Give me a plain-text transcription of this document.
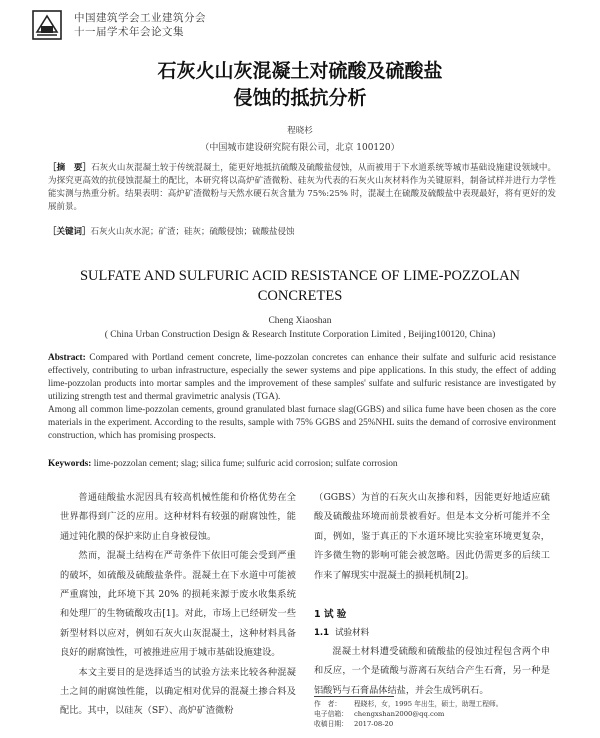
中国建筑学会工业建筑分会
十一届学术年会论文集
石灰火山灰混凝土对硫酸及硫酸盐
侵蚀的抵抗分析
程晓杉
（中国城市建设研究院有限公司，北京 100120）
［摘　要］石灰火山灰混凝土较于传统混凝土，能更好地抵抗硫酸及硫酸盐侵蚀，从而被用于下水道系统等城市基础设施建设领域中。为探究更高效的抗侵蚀混凝土的配比，本研究将以高炉矿渣微粉、硅灰为代表的石灰火山灰材料作为关键原料，制备试样并进行力学性能实测与热重分析。结果表明：高炉矿渣微粉与天然水硬石灰含量为 75%:25% 时，混凝土在硫酸及硫酸盐中表现最好，将有更好的发展前景。
［关键词］石灰火山灰水泥；矿渣；硅灰；硫酸侵蚀；硫酸盐侵蚀
SULFATE AND SULFURIC ACID RESISTANCE OF LIME-POZZOLAN
CONCRETES
Cheng Xiaoshan
( China Urban Construction Design & Research Institute Corporation Limited , Beijing100120, China)
Abstract: Compared with Portland cement concrete, lime-pozzolan concretes can enhance their sulfate and sulfuric acid resistance effectively, contributing to urban infrastructure, especially the sewer systems and pipe applications. In this study, the effect of adding lime-pozzolan products into mortar samples and the improvement of these samples' sulfate and sulfuric resistance are investigated by utilizing strength test and thermal gravimetric analysis (TGA).
Among all common lime-pozzolan cements, ground granulated blast furnace slag(GGBS) and silica fume have been chosen as the core materials in the experiment. According to the results, sample with 75% GGBS and 25%NHL suits the demand of corrosive environment construction, which has promising prospects.
Keywords: lime-pozzolan cement; slag; silica fume; sulfuric acid corrosion; sulfate corrosion

普通硅酸盐水泥因具有较高机械性能和价格优势在全世界都得到广泛的应用。这种材料有较强的耐腐蚀性，能通过钝化膜的保护来防止自身被侵蚀。

然而，混凝土结构在严苛条件下依旧可能会受到严重的破坏，如硫酸及硫酸盐条件。混凝土在下水道中可能被严重腐蚀，此环境下其 20% 的损耗来源于废水收集系统和处理厂的生物硫酸攻击[1]。对此，市场上已经研发一些新型材料以应对，例如石灰火山灰混凝土，这种材料具备良好的耐腐蚀性，可被推进应用于城市基础设施建设。

本文主要目的是选择适当的试验方法来比较各种混凝土之间的耐腐蚀性能，以确定相对优异的混凝土掺合料及配比。其中，以硅灰（SF）、高炉矿渣微粉

（GGBS）为首的石灰火山灰掺和料，因能更好地适应硫酸及硫酸盐环境而前景被看好。但是本文分析可能并不全面，例如，鉴于真正的下水道环境比实验室环境更复杂，许多微生物的影响可能会被忽略。因此仍需更多的后续工作来了解现实中混凝土的损耗机制[2]。

1 试 验
1.1 试验材料

混凝土材料遭受硫酸和硫酸盐的侵蚀过程包含两个申和反应，一个是硫酸与游离石灰结合产生石膏，另一种是铝酸钙与石膏晶体结盐，并会生成钙矾石。

作　者： 程晓杉，女，1995 年出生，硕士，助理工程师。
电子信箱： chengxshan2000@qq.com
收稿日期： 2017-08-20
